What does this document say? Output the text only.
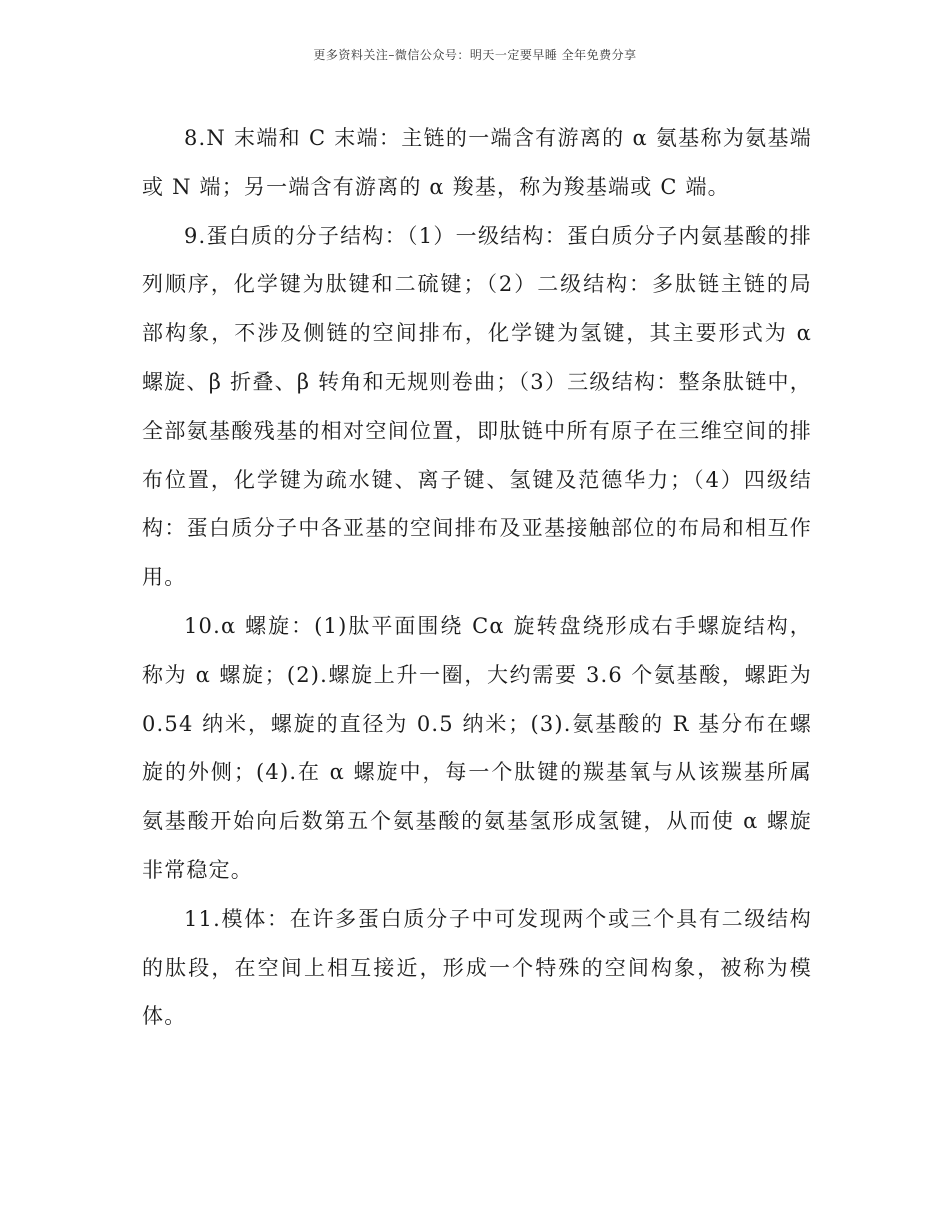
更多资料关注–微信公众号：明天一定要早睡 全年免费分享

8.N 末端和 C 末端：主链的一端含有游离的 α 氨基称为氨基端或 N 端；另一端含有游离的 α 羧基，称为羧基端或 C 端。

9.蛋白质的分子结构：（1）一级结构：蛋白质分子内氨基酸的排列顺序，化学键为肽键和二硫键；（2）二级结构：多肽链主链的局部构象，不涉及侧链的空间排布，化学键为氢键，其主要形式为 α 螺旋、β 折叠、β 转角和无规则卷曲；（3）三级结构：整条肽链中，全部氨基酸残基的相对空间位置，即肽链中所有原子在三维空间的排布位置，化学键为疏水键、离子键、氢键及范德华力；（4）四级结构：蛋白质分子中各亚基的空间排布及亚基接触部位的布局和相互作用。

10.α 螺旋：(1)肽平面围绕 Cα 旋转盘绕形成右手螺旋结构，称为 α 螺旋；(2).螺旋上升一圈，大约需要 3.6 个氨基酸，螺距为 0.54 纳米，螺旋的直径为 0.5 纳米；(3).氨基酸的 R 基分布在螺旋的外侧；(4).在 α 螺旋中，每一个肽键的羰基氧与从该羰基所属氨基酸开始向后数第五个氨基酸的氨基氢形成氢键，从而使 α 螺旋非常稳定。

11.模体：在许多蛋白质分子中可发现两个或三个具有二级结构的肽段，在空间上相互接近，形成一个特殊的空间构象，被称为模体。
